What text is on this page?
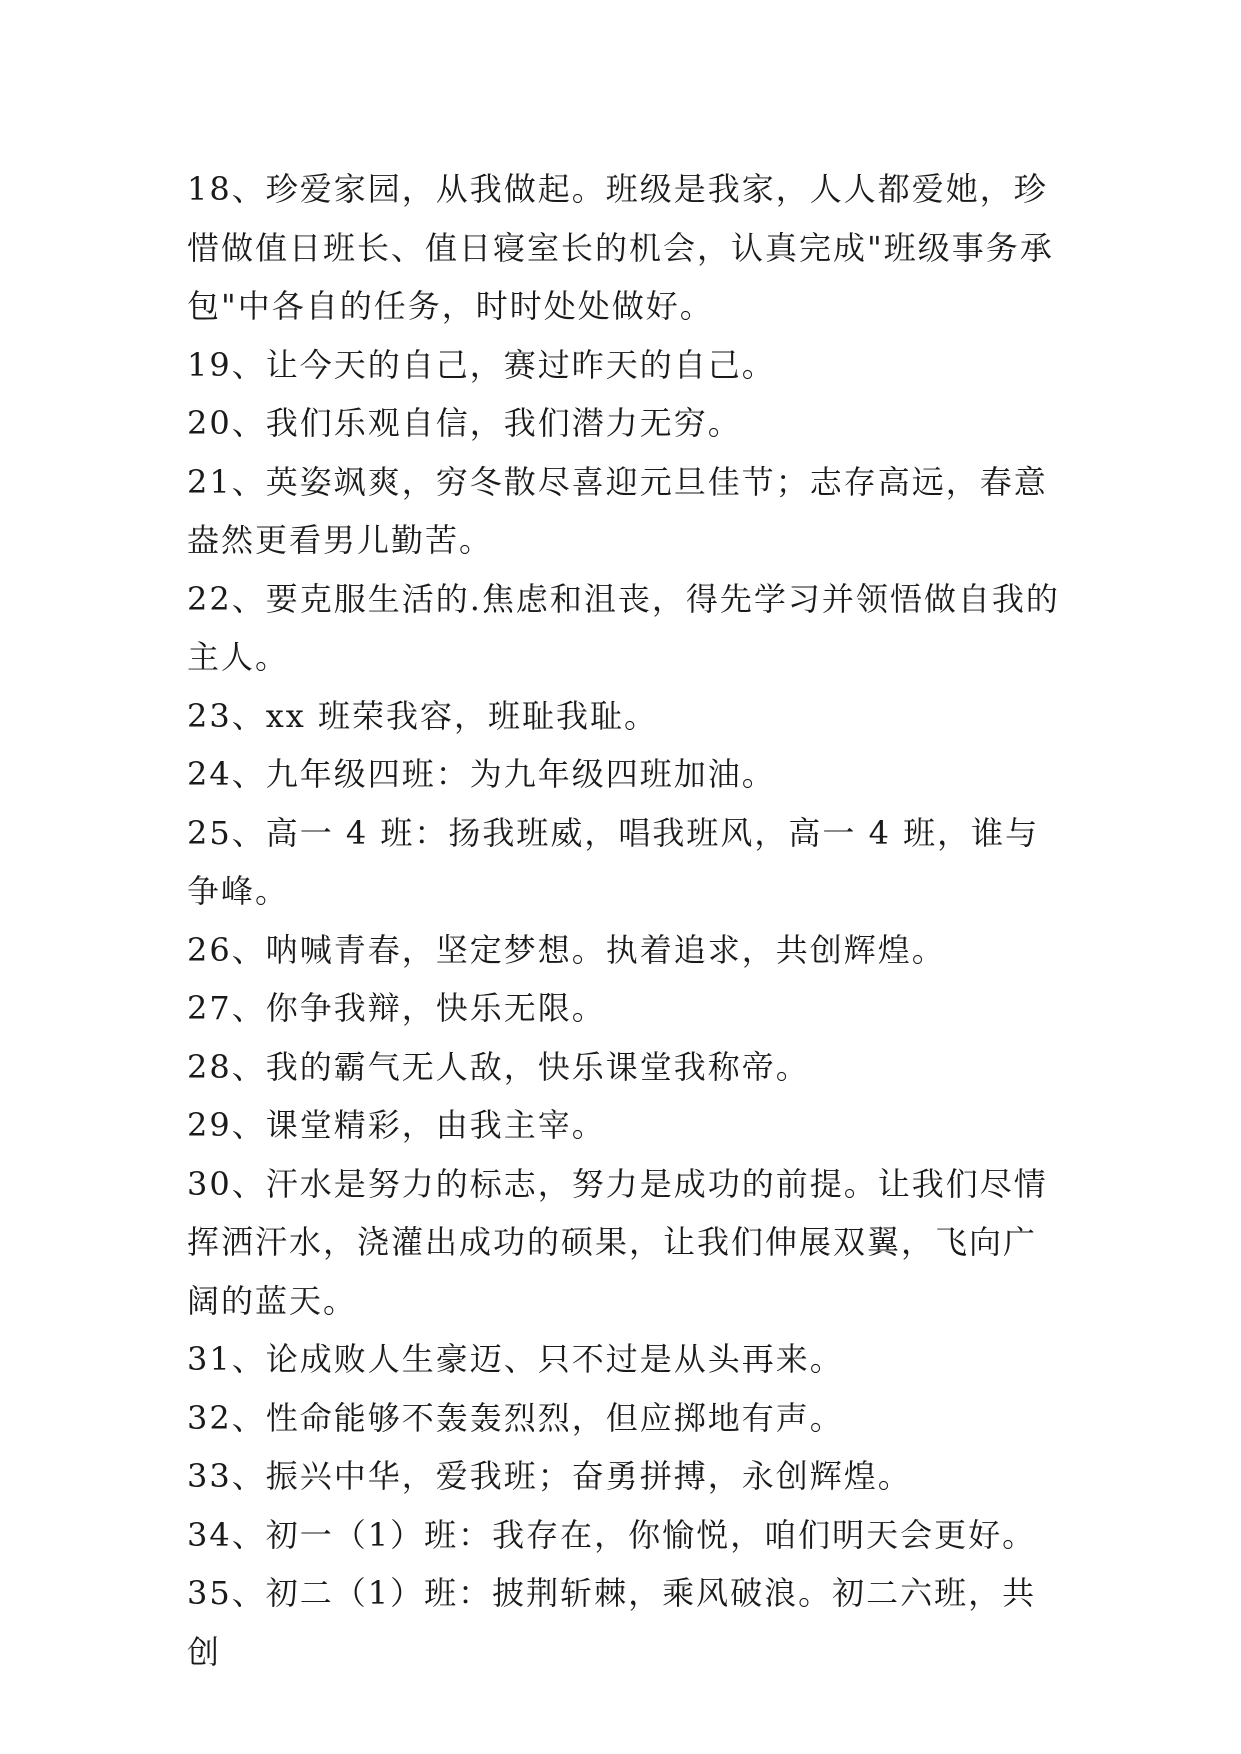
18、珍爱家园，从我做起。班级是我家，人人都爱她，珍惜做值日班长、值日寝室长的机会，认真完成"班级事务承包"中各自的任务，时时处处做好。

19、让今天的自己，赛过昨天的自己。

20、我们乐观自信，我们潜力无穷。

21、英姿飒爽，穷冬散尽喜迎元旦佳节；志存高远，春意盎然更看男儿勤苦。

22、要克服生活的.焦虑和沮丧，得先学习并领悟做自我的主人。

23、xx 班荣我容，班耻我耻。

24、九年级四班：为九年级四班加油。

25、高一 4 班：扬我班威，唱我班风，高一 4 班，谁与争峰。

26、呐喊青春，坚定梦想。执着追求，共创辉煌。

27、你争我辩，快乐无限。

28、我的霸气无人敌，快乐课堂我称帝。

29、课堂精彩，由我主宰。

30、汗水是努力的标志，努力是成功的前提。让我们尽情挥洒汗水，浇灌出成功的硕果，让我们伸展双翼，飞向广阔的蓝天。

31、论成败人生豪迈、只不过是从头再来。

32、性命能够不轰轰烈烈，但应掷地有声。

33、振兴中华，爱我班；奋勇拼搏，永创辉煌。

34、初一（1）班：我存在，你愉悦，咱们明天会更好。

35、初二（1）班：披荆斩棘，乘风破浪。初二六班，共创
